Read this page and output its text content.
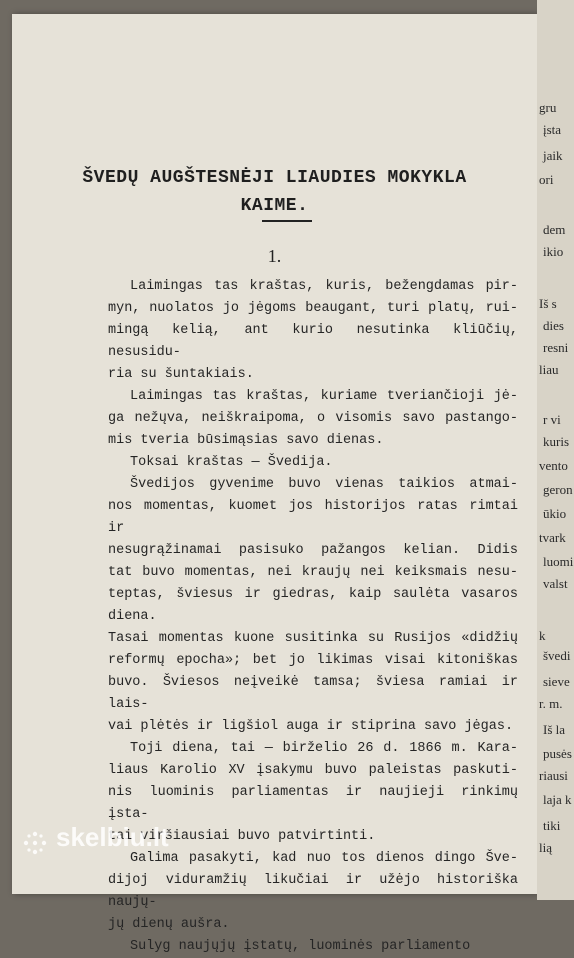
ŠVEDŲ AUGŠTESNĖJI LIAUDIES MOKYKLA
KAIME.
1.

Laimingas tas kraštas, kuris, bežengdamas pir-
myn, nuolatos jo jėgoms beaugant, turi platų, rui-
mingą kelią, ant kurio nesutinka kliūčių, nesusidu-
ria su šuntakiais.

Laimingas tas kraštas, kuriame tveriančioji jė-
ga nežųva, neiškraipoma, o visomis savo pastango-
mis tveria būsimąsias savo dienas.

Toksai kraštas — Švedija.

Švedijos gyvenime buvo vienas taikios atmai-
nos momentas, kuomet jos historijos ratas rimtai ir
nesugrąžinamai pasisuko pažangos kelian. Didis
tat buvo momentas, nei kraujų nei keiksmais nesu-
teptas, šviesus ir giedras, kaip saulėta vasaros diena.
Tasai momentas kuone susitinka su Rusijos «didžių
reformų epocha»; bet jo likimas visai kitoniškas
buvo. Šviesos neįveikė tamsa; šviesa ramiai ir lais-
vai plėtės ir ligšiol auga ir stiprina savo jėgas.

Toji diena, tai — birželio 26 d. 1866 m. Kara-
liaus Karolio XV įsakymu buvo paleistas paskuti-
nis luominis parliamentas ir naujieji rinkimų įsta-
tai viršiausiai buvo patvirtinti.

Galima pasakyti, kad nuo tos dienos dingo Šve-
dijoj viduramžių likučiai ir užėjo historiška naujų-
jų dienų aušra.

Sulyg naujųjų įstatų, luominės parliamento

gru
įsta
jaik
ori
dem
ikio
Iš s
dies
resni
liau
r vi
kuris
vento
geron
ūkio
tvark
luomi
valst
k
švedi
sieve
r. m.
Iš la
pusės
riausi
laja k
tiki
lią
skelbiu.lt
